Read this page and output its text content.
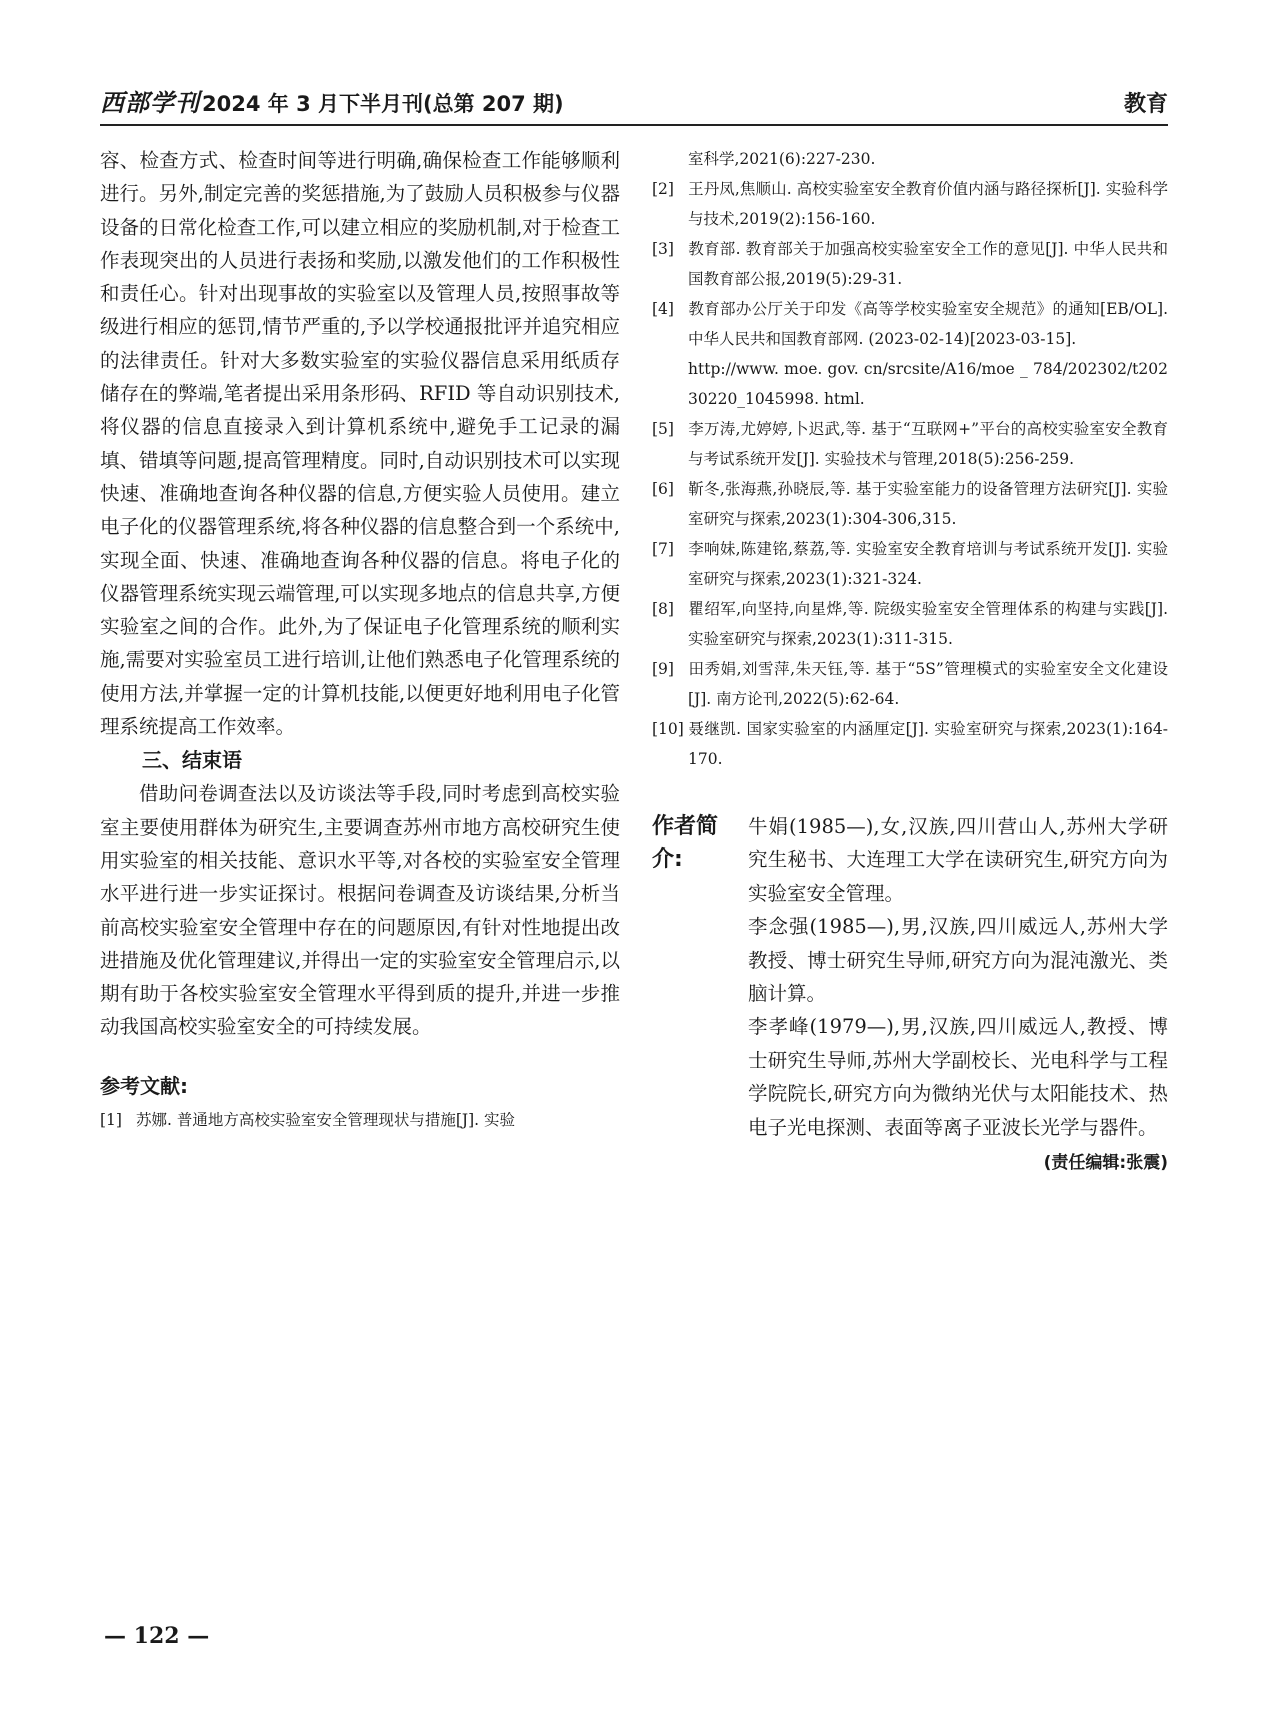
西部学刊 2024 年 3 月下半月刊(总第 207 期)	教育

容、检查方式、检查时间等进行明确,确保检查工作能够顺利进行。另外,制定完善的奖惩措施,为了鼓励人员积极参与仪器设备的日常化检查工作,可以建立相应的奖励机制,对于检查工作表现突出的人员进行表扬和奖励,以激发他们的工作积极性和责任心。针对出现事故的实验室以及管理人员,按照事故等级进行相应的惩罚,情节严重的,予以学校通报批评并追究相应的法律责任。针对大多数实验室的实验仪器信息采用纸质存储存在的弊端,笔者提出采用条形码、RFID 等自动识别技术,将仪器的信息直接录入到计算机系统中,避免手工记录的漏填、错填等问题,提高管理精度。同时,自动识别技术可以实现快速、准确地查询各种仪器的信息,方便实验人员使用。建立电子化的仪器管理系统,将各种仪器的信息整合到一个系统中,实现全面、快速、准确地查询各种仪器的信息。将电子化的仪器管理系统实现云端管理,可以实现多地点的信息共享,方便实验室之间的合作。此外,为了保证电子化管理系统的顺利实施,需要对实验室员工进行培训,让他们熟悉电子化管理系统的使用方法,并掌握一定的计算机技能,以便更好地利用电子化管理系统提高工作效率。

三、结束语

借助问卷调查法以及访谈法等手段,同时考虑到高校实验室主要使用群体为研究生,主要调查苏州市地方高校研究生使用实验室的相关技能、意识水平等,对各校的实验室安全管理水平进行进一步实证探讨。根据问卷调查及访谈结果,分析当前高校实验室安全管理中存在的问题原因,有针对性地提出改进措施及优化管理建议,并得出一定的实验室安全管理启示,以期有助于各校实验室安全管理水平得到质的提升,并进一步推动我国高校实验室安全的可持续发展。

参考文献:

[1] 苏娜. 普通地方高校实验室安全管理现状与措施[J]. 实验

室科学,2021(6):227-230.

[2] 王丹凤,焦顺山. 高校实验室安全教育价值内涵与路径探析[J]. 实验科学与技术,2019(2):156-160.

[3] 教育部. 教育部关于加强高校实验室安全工作的意见[J]. 中华人民共和国教育部公报,2019(5):29-31.

[4] 教育部办公厅关于印发《高等学校实验室安全规范》的通知[EB/OL]. 中华人民共和国教育部网. (2023-02-14)[2023-03-15].

http://www. moe. gov. cn/srcsite/A16/moe _ 784/202302/t20230220_1045998. html.

[5] 李万涛,尤婷婷,卜迟武,等. 基于“互联网+”平台的高校实验室安全教育与考试系统开发[J]. 实验技术与管理,2018(5):256-259.

[6] 靳冬,张海燕,孙晓辰,等. 基于实验室能力的设备管理方法研究[J]. 实验室研究与探索,2023(1):304-306,315.

[7] 李响妹,陈建铭,蔡荔,等. 实验室安全教育培训与考试系统开发[J]. 实验室研究与探索,2023(1):321-324.

[8] 瞿绍军,向坚持,向星烨,等. 院级实验室安全管理体系的构建与实践[J]. 实验室研究与探索,2023(1):311-315.

[9] 田秀娟,刘雪萍,朱天钰,等. 基于“5S”管理模式的实验室安全文化建设[J]. 南方论刊,2022(5):62-64.

[10] 聂继凯. 国家实验室的内涵厘定[J]. 实验室研究与探索,2023(1):164-170.

作者简介:

牛娟(1985—),女,汉族,四川营山人,苏州大学研究生秘书、大连理工大学在读研究生,研究方向为实验室安全管理。

李念强(1985—),男,汉族,四川威远人,苏州大学教授、博士研究生导师,研究方向为混沌激光、类脑计算。

李孝峰(1979—),男,汉族,四川威远人,教授、博士研究生导师,苏州大学副校长、光电科学与工程学院院长,研究方向为微纳光伏与太阳能技术、热电子光电探测、表面等离子亚波长光学与器件。

(责任编辑:张震)
— 122 —
